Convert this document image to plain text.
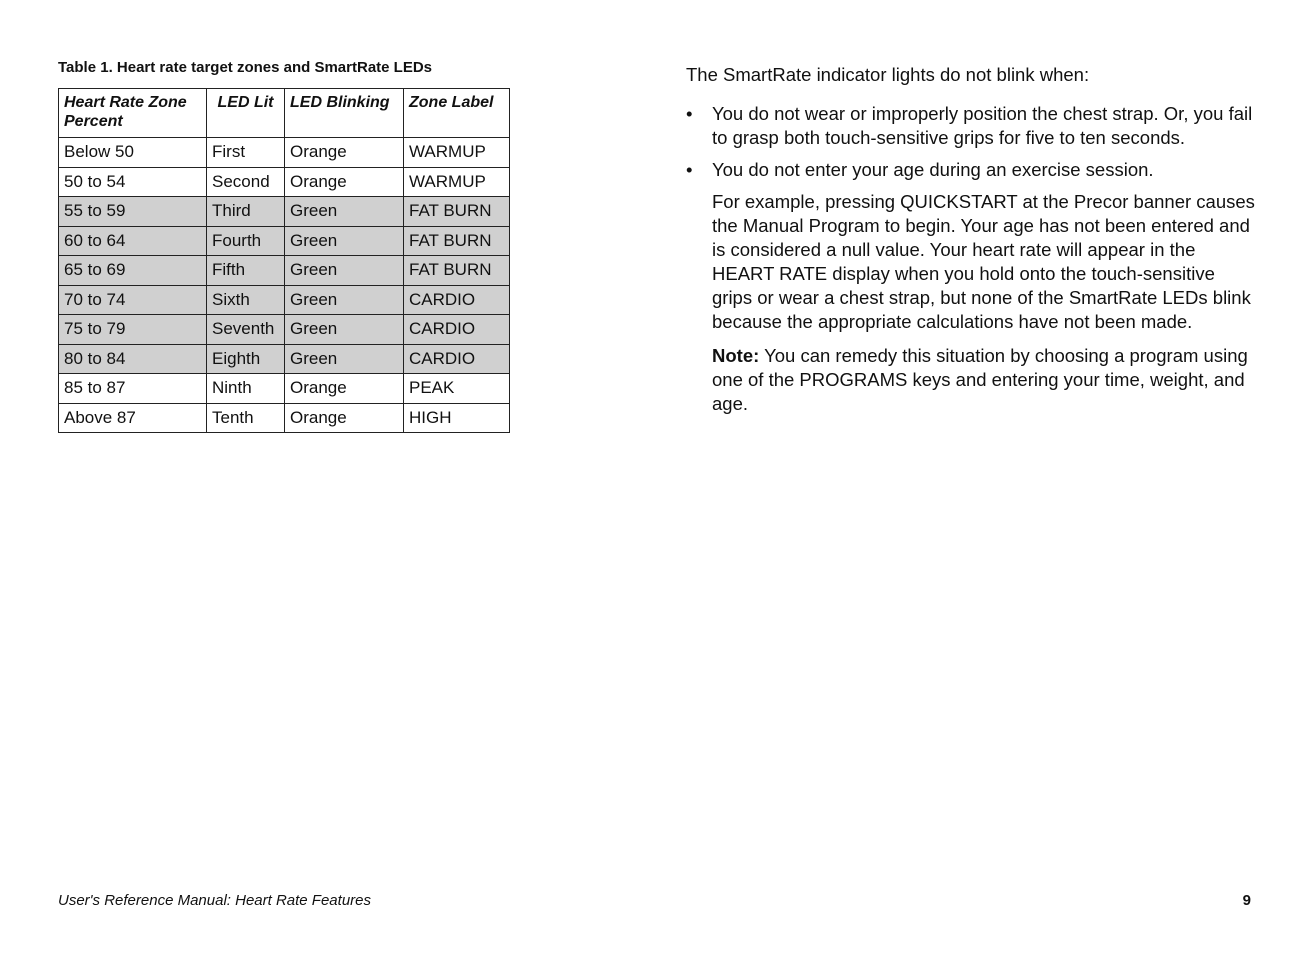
Table 1. Heart rate target zones and SmartRate LEDs
Heart Rate Zone Percent	LED Lit	LED Blinking	Zone Label
Below 50	First	Orange	WARMUP
50 to 54	Second	Orange	WARMUP
55 to 59	Third	Green	FAT BURN
60 to 64	Fourth	Green	FAT BURN
65 to 69	Fifth	Green	FAT BURN
70 to 74	Sixth	Green	CARDIO
75 to 79	Seventh	Green	CARDIO
80 to 84	Eighth	Green	CARDIO
85 to 87	Ninth	Orange	PEAK
Above 87	Tenth	Orange	HIGH

The SmartRate indicator lights do not blink when:

• You do not wear or improperly position the chest strap. Or, you fail to grasp both touch-sensitive grips for five to ten seconds.
• You do not enter your age during an exercise session.

For example, pressing QUICKSTART at the Precor banner causes the Manual Program to begin. Your age has not been entered and is considered a null value. Your heart rate will appear in the HEART RATE display when you hold onto the touch-sensitive grips or wear a chest strap, but none of the SmartRate LEDs blink because the appropriate calculations have not been made.

Note: You can remedy this situation by choosing a program using one of the PROGRAMS keys and entering your time, weight, and age.

User's Reference Manual: Heart Rate Features	9
